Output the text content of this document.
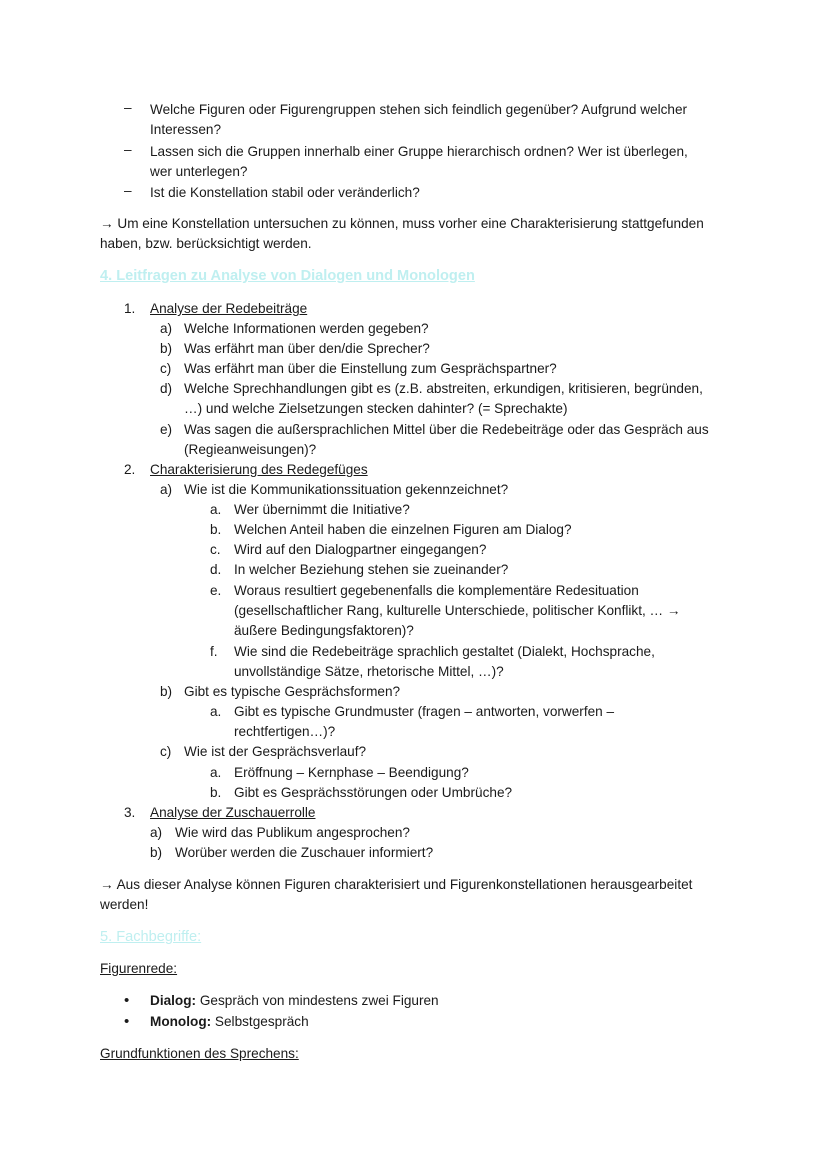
–	Welche Figuren oder Figurengruppen stehen sich feindlich gegenüber? Aufgrund welcher
Interessen?
–	Lassen sich die Gruppen innerhalb einer Gruppe hierarchisch ordnen? Wer ist überlegen,
wer unterlegen?
–	Ist die Konstellation stabil oder veränderlich?
→ Um eine Konstellation untersuchen zu können, muss vorher eine Charakterisierung stattgefunden
haben, bzw. berücksichtigt werden.
4. Leitfragen zu Analyse von Dialogen und Monologen
1. Analyse der Redebeiträge
a) Welche Informationen werden gegeben?
b) Was erfährt man über den/die Sprecher?
c) Was erfährt man über die Einstellung zum Gesprächspartner?
d) Welche Sprechhandlungen gibt es (z.B. abstreiten, erkundigen, kritisieren, begründen,
…) und welche Zielsetzungen stecken dahinter? (= Sprechakte)
e) Was sagen die außersprachlichen Mittel über die Redebeiträge oder das Gespräch aus
(Regieanweisungen)?
2. Charakterisierung des Redegefüges
a) Wie ist die Kommunikationssituation gekennzeichnet?
a. Wer übernimmt die Initiative?
b. Welchen Anteil haben die einzelnen Figuren am Dialog?
c. Wird auf den Dialogpartner eingegangen?
d. In welcher Beziehung stehen sie zueinander?
e. Woraus resultiert gegebenenfalls die komplementäre Redesituation
(gesellschaftlicher Rang, kulturelle Unterschiede, politischer Konflikt, … →
äußere Bedingungsfaktoren)?
f. Wie sind die Redebeiträge sprachlich gestaltet (Dialekt, Hochsprache,
unvollständige Sätze, rhetorische Mittel, …)?
b) Gibt es typische Gesprächsformen?
a. Gibt es typische Grundmuster (fragen – antworten, vorwerfen –
rechtfertigen…)?
c) Wie ist der Gesprächsverlauf?
a. Eröffnung – Kernphase – Beendigung?
b. Gibt es Gesprächsstörungen oder Umbrüche?
3. Analyse der Zuschauerrolle
a) Wie wird das Publikum angesprochen?
b) Worüber werden die Zuschauer informiert?
→ Aus dieser Analyse können Figuren charakterisiert und Figurenkonstellationen herausgearbeitet
werden!
5. Fachbegriffe:
Figurenrede:
• Dialog: Gespräch von mindestens zwei Figuren
• Monolog: Selbstgespräch
Grundfunktionen des Sprechens:
